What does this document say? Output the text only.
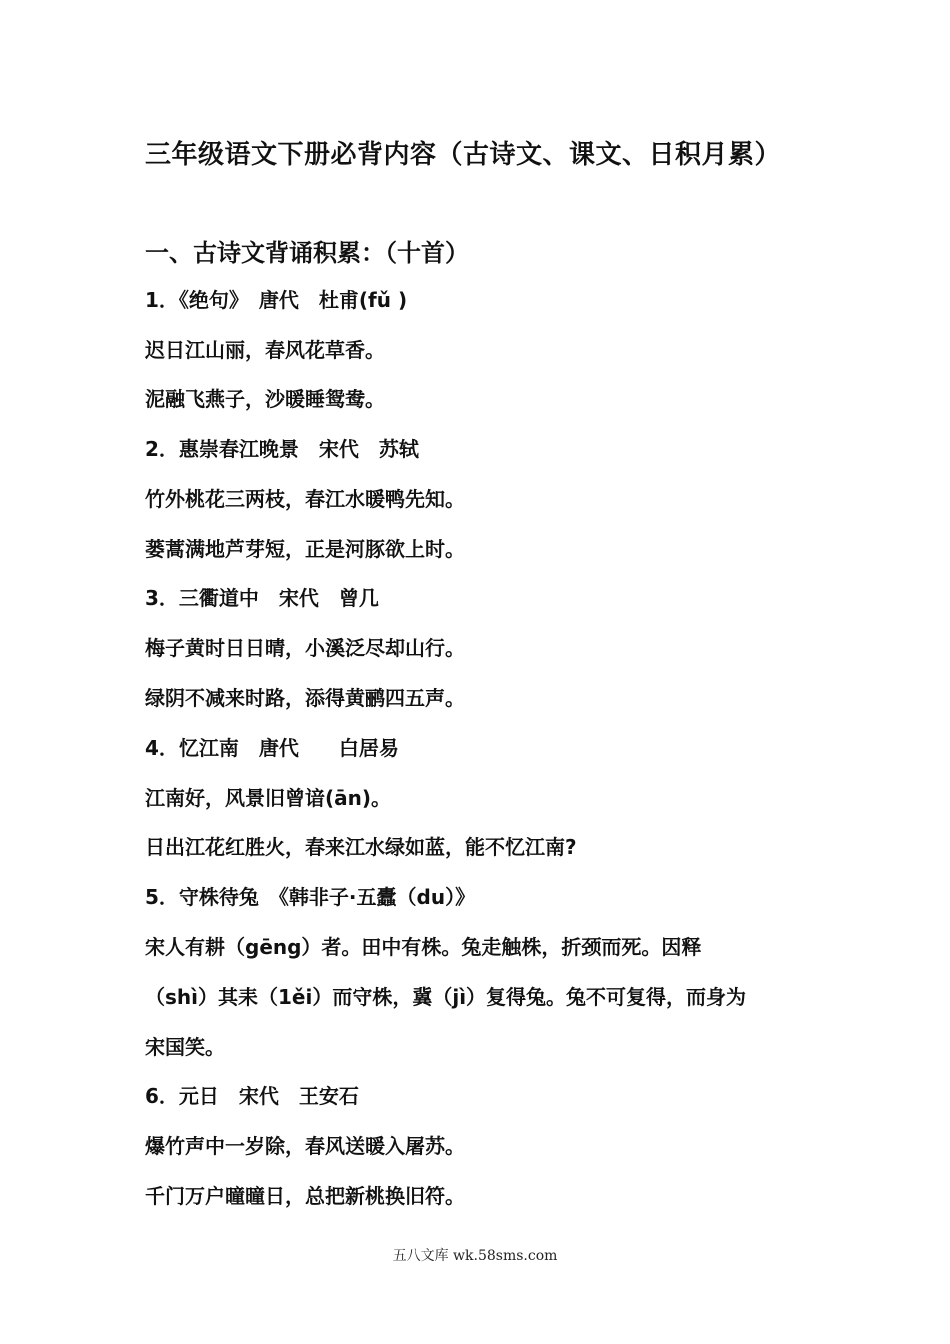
三年级语文下册必背内容（古诗文、课文、日积月累）
一、古诗文背诵积累：（十首）
1．《绝句》　唐代　杜甫(fǔ )
迟日江山丽，春风花草香。
泥融飞燕子，沙暖睡鸳鸯。
2．惠崇春江晚景　宋代　苏轼
竹外桃花三两枝，春江水暖鸭先知。
蒌蒿满地芦芽短，正是河豚欲上时。
3．三衢道中　宋代　曾几
梅子黄时日日晴，小溪泛尽却山行。
绿阴不减来时路，添得黄鹂四五声。
4．忆江南　唐代　　白居易
江南好，风景旧曾谙(ān)。
日出江花红胜火，春来江水绿如蓝，能不忆江南?
5．守株待兔　《韩非子·五蠹（du）》
宋人有耕（gēng）者。田中有株。兔走触株，折颈而死。因释
（shì）其耒（1ěi）而守株，冀（jì）复得兔。兔不可复得，而身为
宋国笑。
6．元日　宋代　王安石
爆竹声中一岁除，春风送暖入屠苏。
千门万户曈曈日，总把新桃换旧符。
五八文库 wk.58sms.com
